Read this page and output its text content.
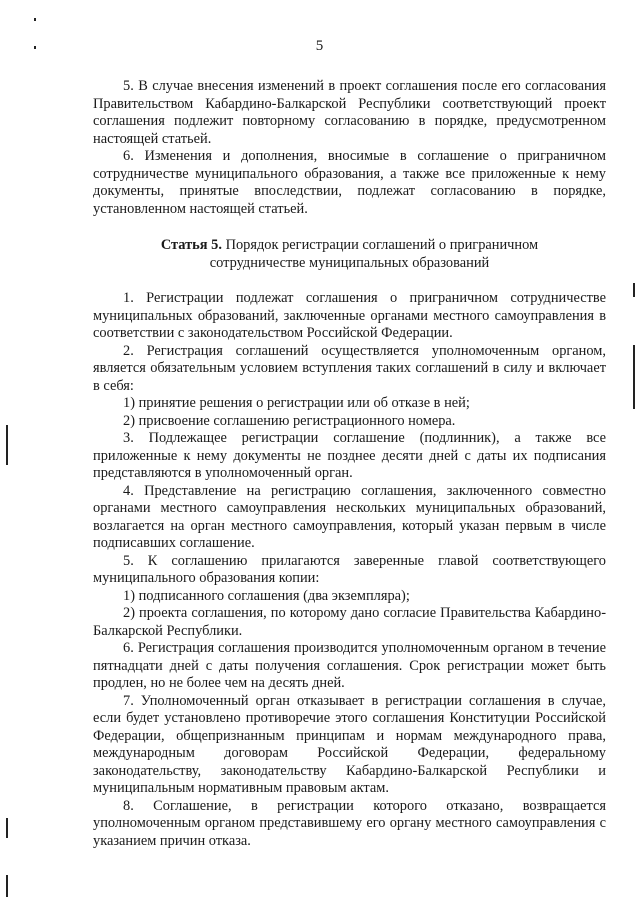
5

5. В случае внесения изменений в проект соглашения после его согласования Правительством Кабардино-Балкарской Республики соответствующий проект соглашения подлежит повторному согласованию в порядке, предусмотренном настоящей статьей.

6. Изменения и дополнения, вносимые в соглашение о приграничном сотрудничестве муниципального образования, а также все приложенные к нему документы, принятые впоследствии, подлежат согласованию в порядке, установленном настоящей статьей.

Статья 5. Порядок регистрации соглашений о приграничном
сотрудничестве муниципальных образований

1. Регистрации подлежат соглашения о приграничном сотрудничестве муниципальных образований, заключенные органами местного самоуправления в соответствии с законодательством Российской Федерации.

2. Регистрация соглашений осуществляется уполномоченным органом, является обязательным условием вступления таких соглашений в силу и включает в себя:

1) принятие решения о регистрации или об отказе в ней;

2) присвоение соглашению регистрационного номера.

3. Подлежащее регистрации соглашение (подлинник), а также все приложенные к нему документы не позднее десяти дней с даты их подписания представляются в уполномоченный орган.

4. Представление на регистрацию соглашения, заключенного совместно органами местного самоуправления нескольких муниципальных образований, возлагается на орган местного самоуправления, который указан первым в числе подписавших соглашение.

5. К соглашению прилагаются заверенные главой соответствующего муниципального образования копии:

1) подписанного соглашения (два экземпляра);

2) проекта соглашения, по которому дано согласие Правительства Кабардино-Балкарской Республики.

6. Регистрация соглашения производится уполномоченным органом в течение пятнадцати дней с даты получения соглашения. Срок регистрации может быть продлен, но не более чем на десять дней.

7. Уполномоченный орган отказывает в регистрации соглашения в случае, если будет установлено противоречие этого соглашения Конституции Российской Федерации, общепризнанным принципам и нормам международного права, международным договорам Российской Федерации, федеральному законодательству, законодательству Кабардино-Балкарской Республики и муниципальным нормативным правовым актам.

8. Соглашение, в регистрации которого отказано, возвращается уполномоченным органом представившему его органу местного самоуправления с указанием причин отказа.
